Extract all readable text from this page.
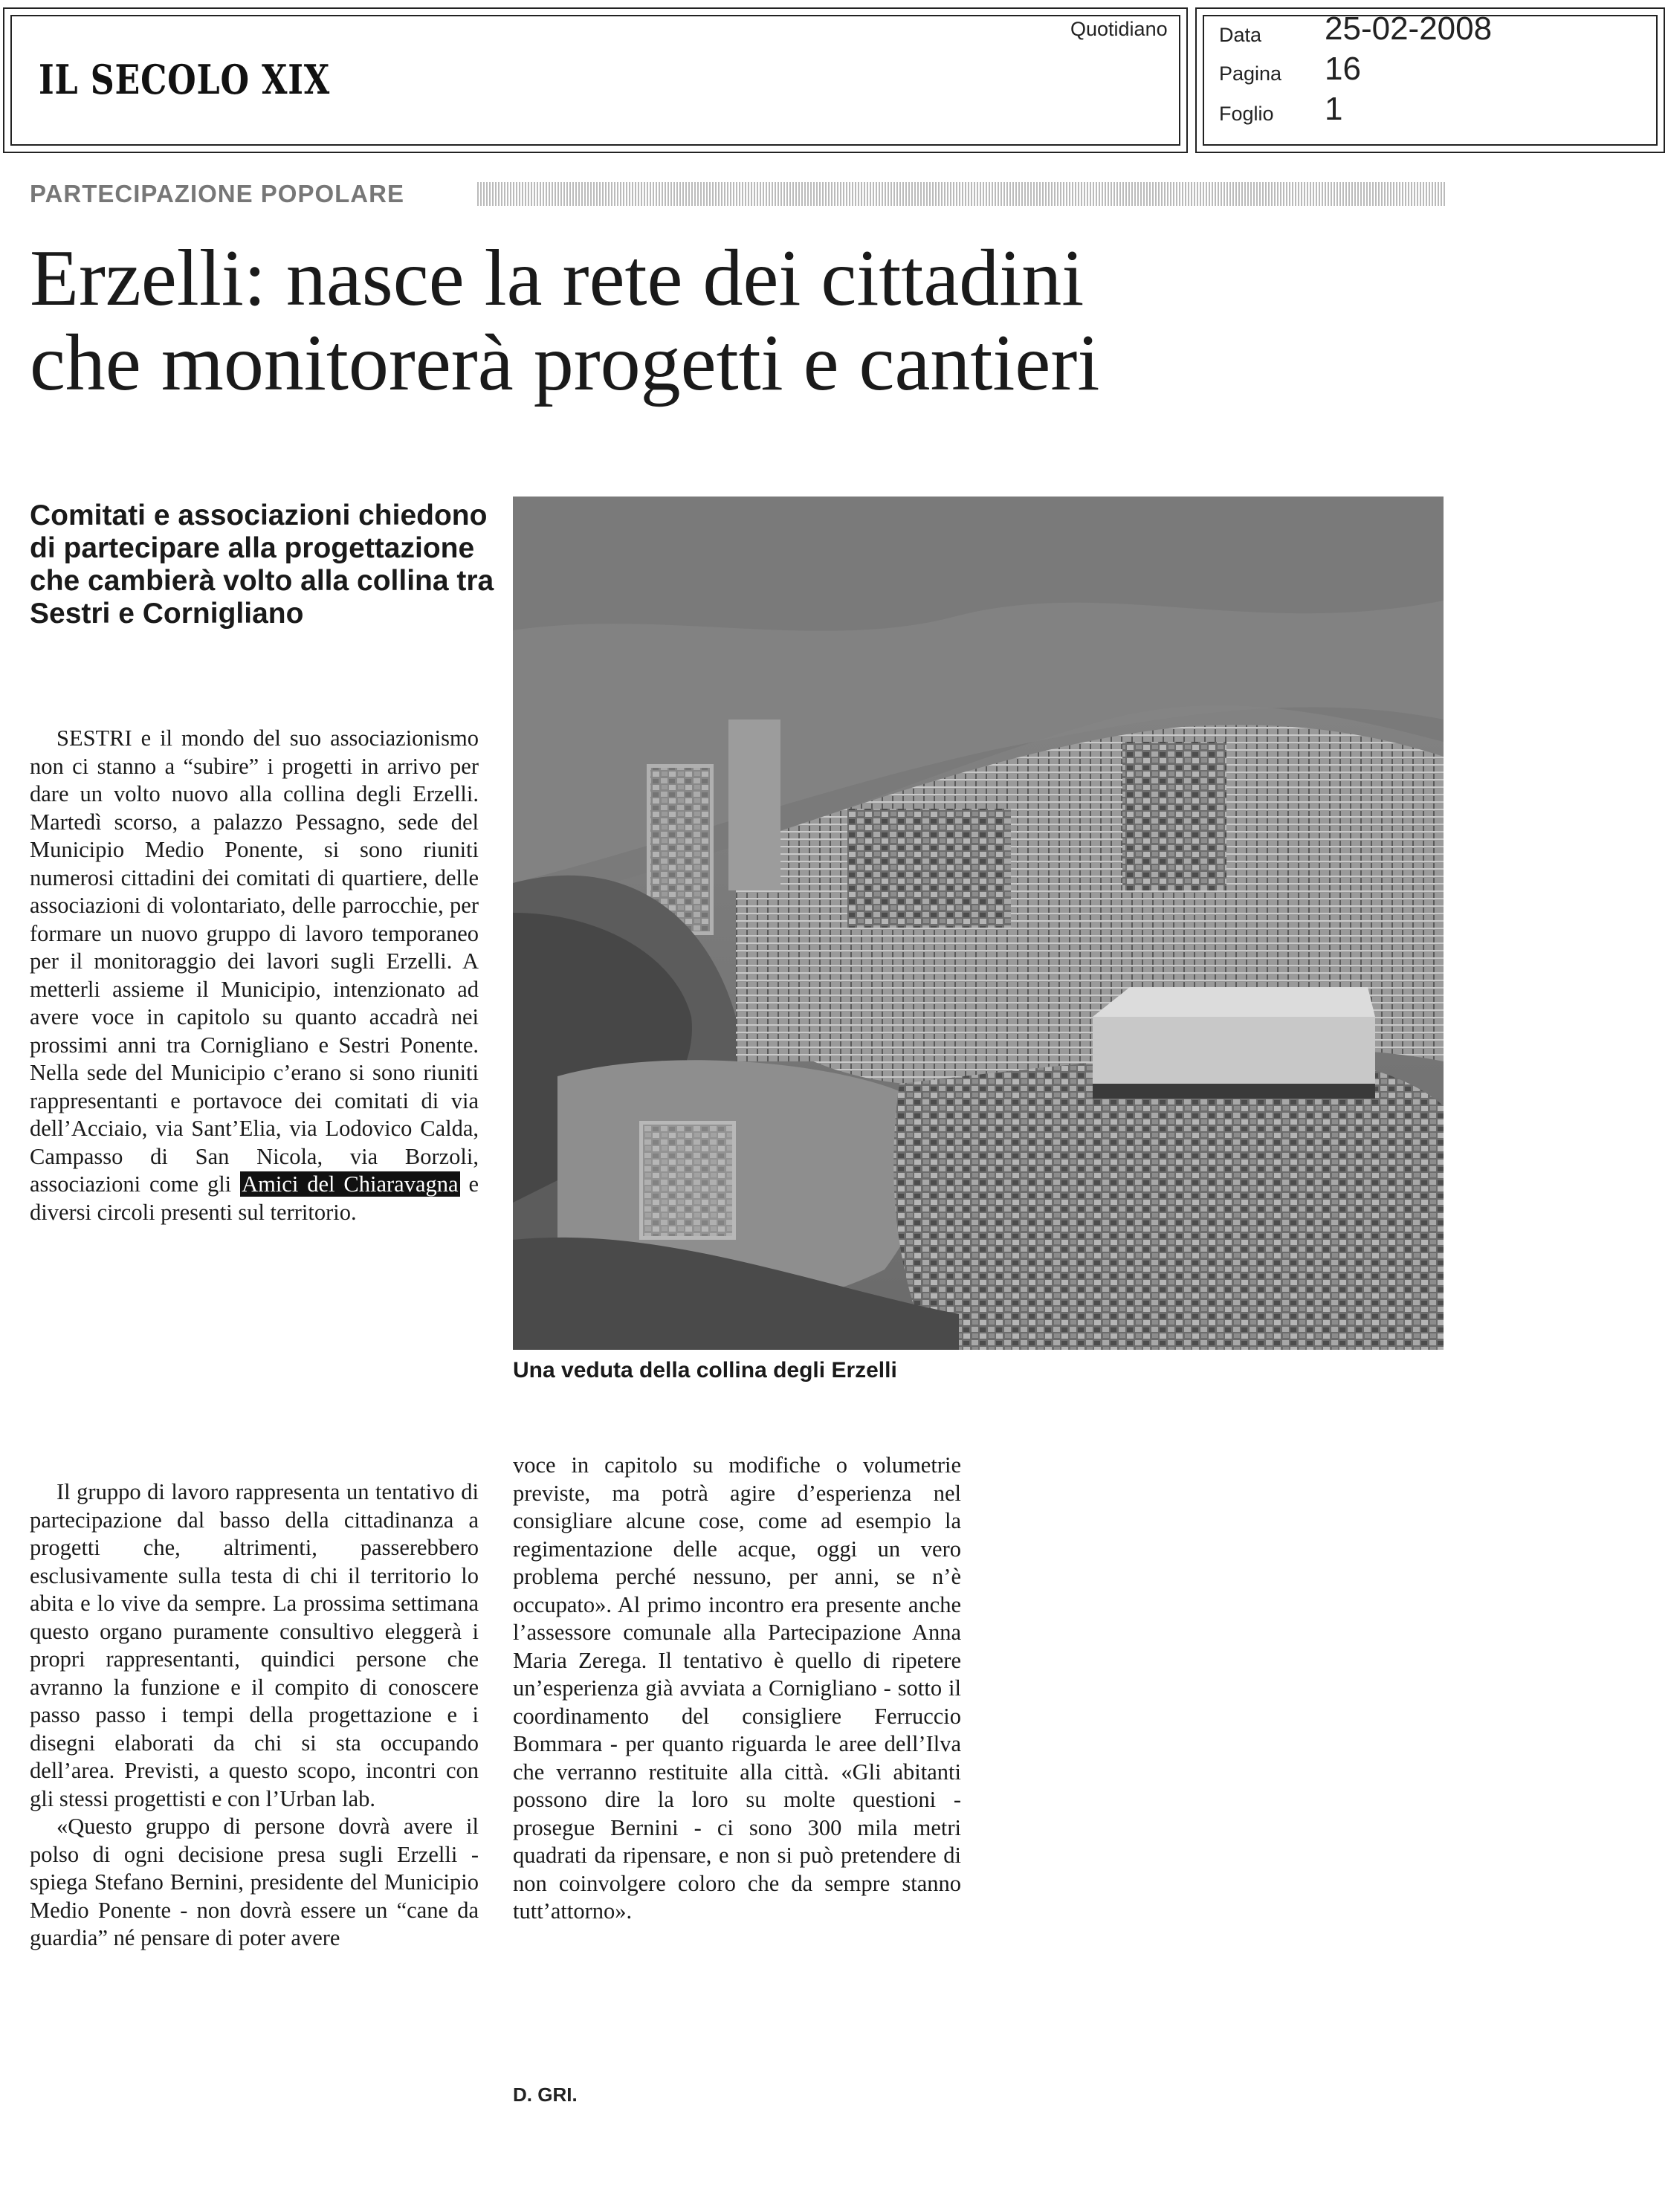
IL SECOLO XIX
Quotidiano	Data 25-02-2008
Pagina 16
Foglio 1
PARTECIPAZIONE POPOLARE
Erzelli: nasce la rete dei cittadini
che monitorerà progetti e cantieri
Comitati e associazioni chiedono di partecipare alla progettazione che cambierà volto alla collina tra Sestri e Cornigliano
Una veduta della collina degli Erzelli

SESTRI e il mondo del suo associazionismo non ci stanno a “subire” i progetti in arrivo per dare un volto nuovo alla collina degli Erzelli. Martedì scorso, a palazzo Pessagno, sede del Municipio Medio Ponente, si sono riuniti numerosi cittadini dei comitati di quartiere, delle associazioni di volontariato, delle parrocchie, per formare un nuovo gruppo di lavoro temporaneo per il monitoraggio dei lavori sugli Erzelli. A metterli assieme il Municipio, intenzionato ad avere voce in capitolo su quanto accadrà nei prossimi anni tra Cornigliano e Sestri Ponente. Nella sede del Municipio c’erano si sono riuniti rappresentanti e portavoce dei comitati di via dell’Acciaio, via Sant’Elia, via Lodovico Calda, Campasso di San Nicola, via Borzoli, associazioni come gli Amici del Chiaravagna e diversi circoli presenti sul territorio.

Il gruppo di lavoro rappresenta un tentativo di partecipazione dal basso della cittadinanza a progetti che, altrimenti, passerebbero esclusivamente sulla testa di chi il territorio lo abita e lo vive da sempre. La prossima settimana questo organo puramente consultivo eleggerà i propri rappresentanti, quindici persone che avranno la funzione e il compito di conoscere passo passo i tempi della progettazione e i disegni elaborati da chi si sta occupando dell’area. Previsti, a questo scopo, incontri con gli stessi progettisti e con l’Urban lab.

«Questo gruppo di persone dovrà avere il polso di ogni decisione presa sugli Erzelli - spiega Stefano Bernini, presidente del Municipio Medio Ponente - non dovrà essere un “cane da guardia” né pensare di poter avere

voce in capitolo su modifiche o volumetrie previste, ma potrà agire d’esperienza nel consigliare alcune cose, come ad esempio la regimentazione delle acque, oggi un vero problema perché nessuno, per anni, se n’è occupato». Al primo incontro era presente anche l’assessore comunale alla Partecipazione Anna Maria Zerega. Il tentativo è quello di ripetere un’esperienza già avviata a Cornigliano - sotto il coordinamento del consigliere Ferruccio Bommara - per quanto riguarda le aree dell’Ilva che verranno restituite alla città. «Gli abitanti possono dire la loro su molte questioni - prosegue Bernini - ci sono 300 mila metri quadrati da ripensare, e non si può pretendere di non coinvolgere coloro che da sempre stanno tutt’attorno».

D. GRI.
